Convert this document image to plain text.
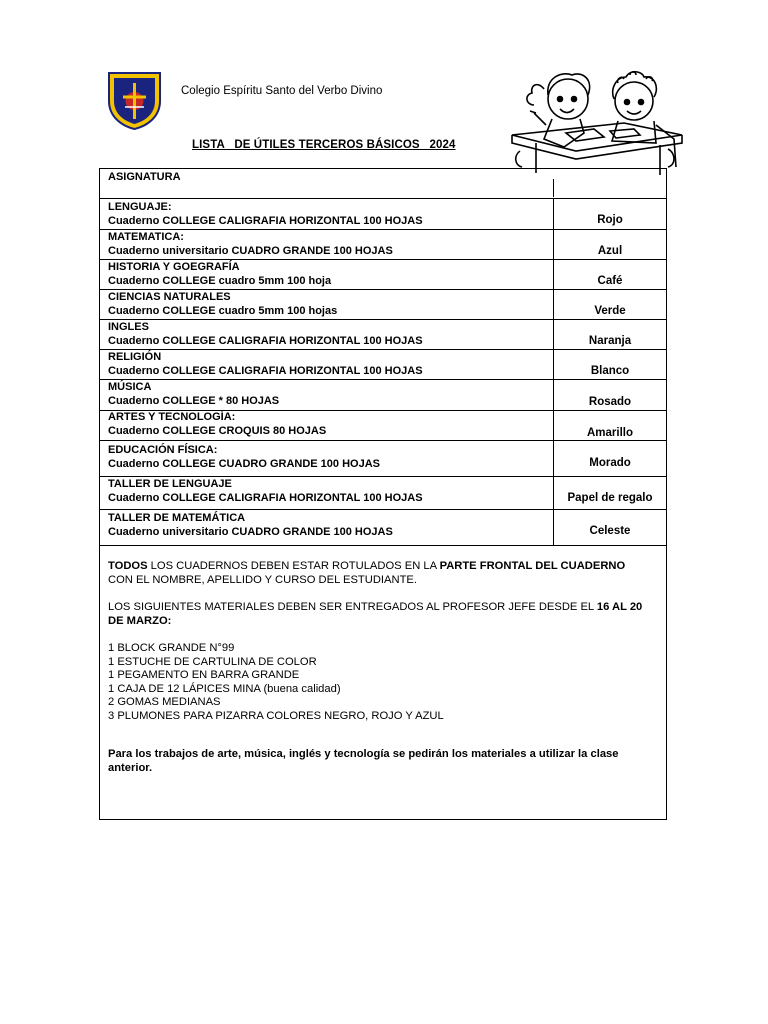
Colegio Espíritu Santo del Verbo Divino
LISTA   DE ÚTILES TERCEROS BÁSICOS   2024
ASIGNATURA
LENGUAJE:
Cuaderno COLLEGE CALIGRAFIA HORIZONTAL 100 HOJAS	Rojo
MATEMATICA:
Cuaderno universitario CUADRO GRANDE 100 HOJAS	Azul
HISTORIA Y GOEGRAFÍA
Cuaderno COLLEGE cuadro 5mm 100 hoja	Café
CIENCIAS NATURALES
Cuaderno COLLEGE cuadro 5mm 100 hojas	Verde
INGLES
Cuaderno COLLEGE CALIGRAFIA HORIZONTAL 100 HOJAS	Naranja
RELIGIÓN
Cuaderno COLLEGE CALIGRAFIA HORIZONTAL 100 HOJAS	Blanco
MÚSICA
Cuaderno COLLEGE * 80 HOJAS	Rosado
ARTES Y TECNOLOGÍA:
Cuaderno COLLEGE CROQUIS 80 HOJAS	Amarillo
EDUCACIÓN FÍSICA:
Cuaderno COLLEGE CUADRO GRANDE 100 HOJAS	Morado
TALLER DE LENGUAJE
Cuaderno COLLEGE CALIGRAFIA HORIZONTAL 100 HOJAS	Papel de regalo
TALLER DE MATEMÁTICA
Cuaderno universitario CUADRO GRANDE 100 HOJAS	Celeste
TODOS LOS CUADERNOS DEBEN ESTAR ROTULADOS EN LA PARTE FRONTAL DEL CUADERNO CON EL NOMBRE, APELLIDO Y CURSO DEL ESTUDIANTE.
LOS SIGUIENTES MATERIALES DEBEN SER ENTREGADOS AL PROFESOR JEFE DESDE EL 16 AL 20 DE MARZO:
1 BLOCK GRANDE N°99
1 ESTUCHE DE CARTULINA DE COLOR
1 PEGAMENTO EN BARRA GRANDE
1 CAJA DE 12 LÁPICES MINA (buena calidad)
2 GOMAS MEDIANAS
3 PLUMONES PARA PIZARRA COLORES NEGRO, ROJO Y AZUL
Para los trabajos de arte, música, inglés y tecnología se pedirán los materiales a utilizar la clase anterior.
